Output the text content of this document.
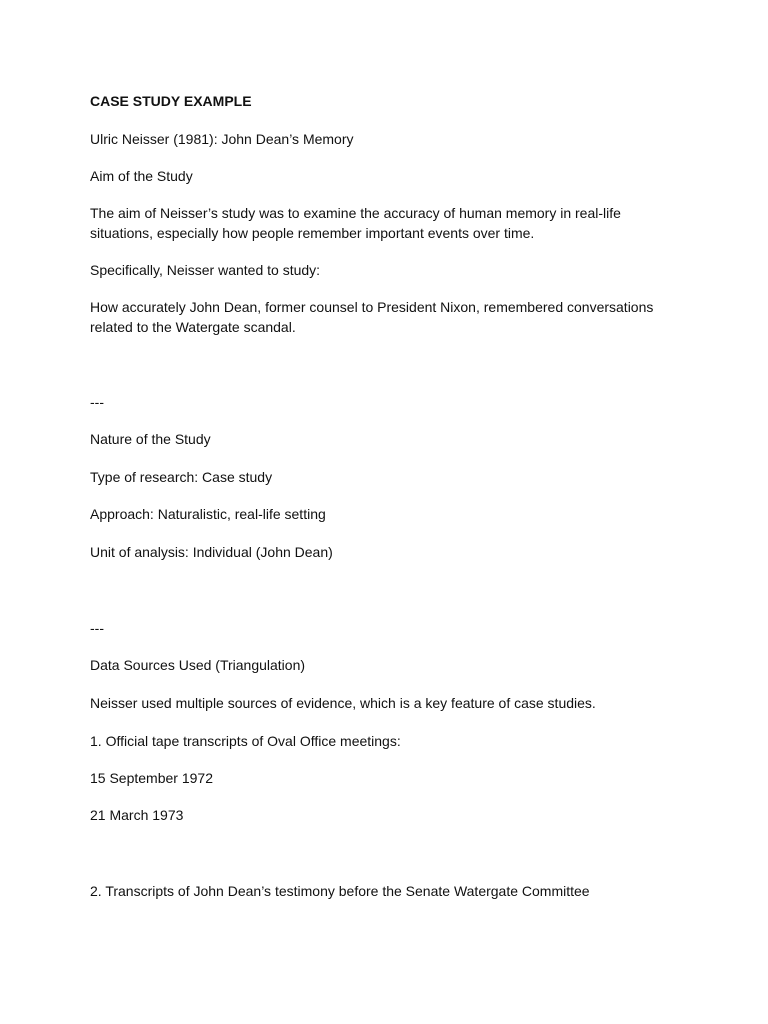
CASE STUDY EXAMPLE

Ulric Neisser (1981): John Dean’s Memory

Aim of the Study

The aim of Neisser’s study was to examine the accuracy of human memory in real-life situations, especially how people remember important events over time.

Specifically, Neisser wanted to study:

How accurately John Dean, former counsel to President Nixon, remembered conversations related to the Watergate scandal.

---

Nature of the Study

Type of research: Case study

Approach: Naturalistic, real-life setting

Unit of analysis: Individual (John Dean)

---

Data Sources Used (Triangulation)

Neisser used multiple sources of evidence, which is a key feature of case studies.

1. Official tape transcripts of Oval Office meetings:

15 September 1972

21 March 1973

2. Transcripts of John Dean’s testimony before the Senate Watergate Committee
